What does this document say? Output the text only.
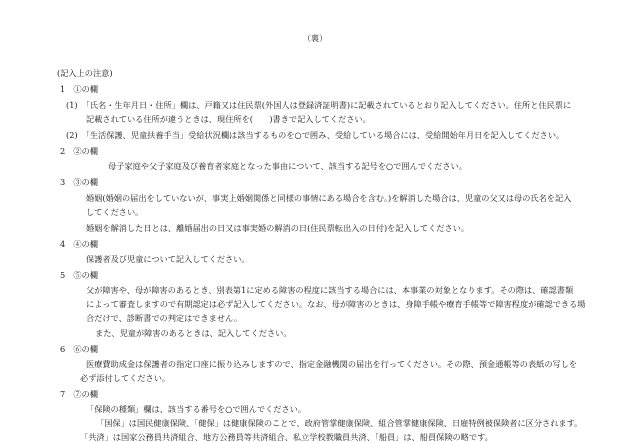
（裏）
(記入上の注意)
1　①の欄
(1)　「氏名・生年月日・住所」欄は、戸籍又は住民票(外国人は登録済証明書)に記載されているとおり記入してください。住所と住民票に
記載されている住所が違うときは、現住所を(　　)書きで記入してください。
(2)　「生活保護、児童扶養手当」受給状況欄は該当するものを○で囲み、受給している場合には、受給開始年月日を記入してください。
2　②の欄
母子家庭や父子家庭及び養育者家庭となった事由について、該当する記号を○で囲んでください。
3　③の欄
婚姻(婚姻の届出をしていないが、事実上婚姻関係と同様の事情にある場合を含む。)を解消した場合は、児童の父又は母の氏名を記入
してください。
婚姻を解消した日とは、離婚届出の日又は事実婚の解消の日(住民票転出入の日付)を記入してください。
4　④の欄
保護者及び児童について記入してください。
5　⑤の欄
父が障害や、母が障害のあるとき、別表第1に定める障害の程度に該当する場合には、本事業の対象となります。その際は、確認書類
によって審査しますので有期認定は必ず記入してください。なお、母が障害のときは、身障手帳や療育手帳等で障害程度が確認できる場
合だけで、診断書での判定はできません。
また、児童が障害のあるときは、記入してください。
6　⑥の欄
医療費助成金は保護者の指定口座に振り込みしますので、指定金融機関の届出を行ってください。その際、預金通帳等の表紙の写しを
必ず添付してください。
7　⑦の欄
「保険の種類」欄は、該当する番号を○で囲んでください。
「国保」は国民健康保険、「健保」は健康保険のことで、政府管掌健康保険、組合管掌健康保険、日雇特例被保険者に区分されます。
「共済」は国家公務員共済組合、地方公務員等共済組合、私立学校教職員共済、「船員」は、船員保険の略です。
